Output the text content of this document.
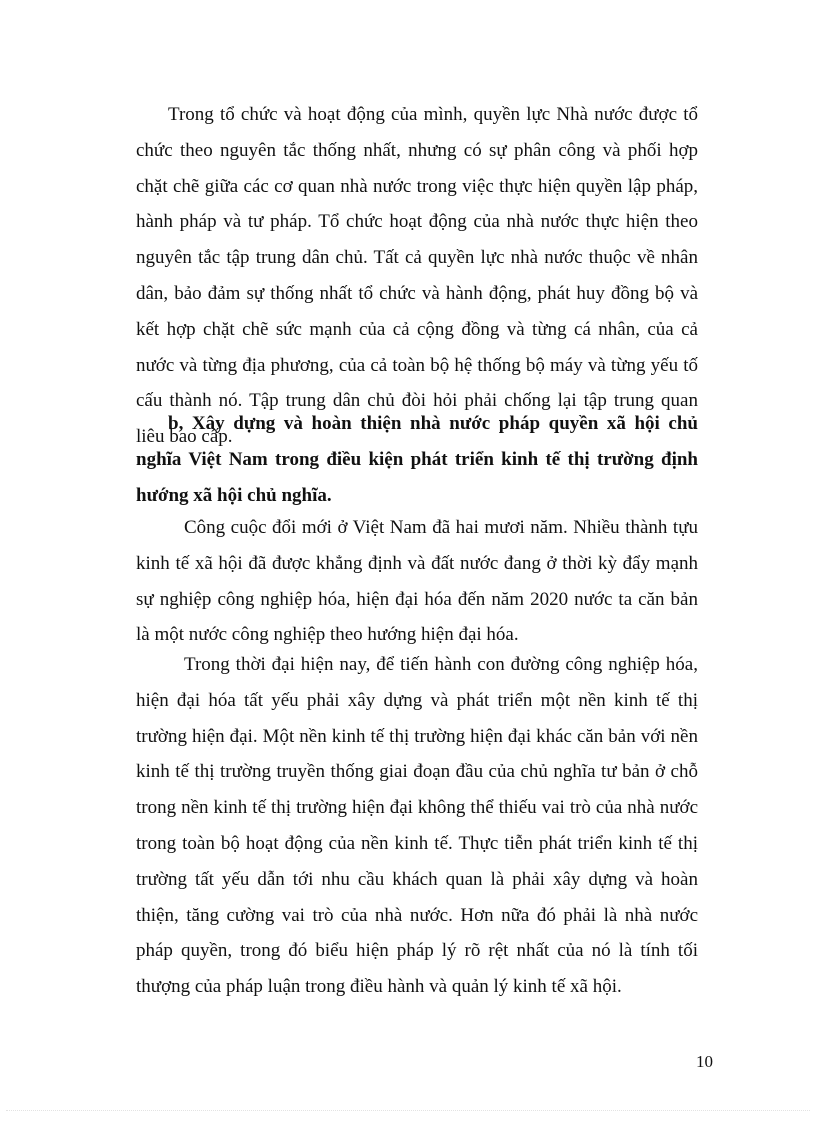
Trong tổ chức và hoạt động của mình, quyền lực Nhà nước được tổ chức theo nguyên tắc thống nhất, nhưng có sự phân công và phối hợp chặt chẽ giữa các cơ quan nhà nước trong việc thực hiện quyền lập pháp, hành pháp và tư pháp. Tổ chức hoạt động của nhà nước thực hiện theo nguyên tắc tập trung dân chủ. Tất cả quyền lực nhà nước thuộc về nhân dân, bảo đảm sự thống nhất tổ chức và hành động, phát huy đồng bộ và kết hợp chặt chẽ sức mạnh của cả cộng đồng và từng cá nhân, của cả nước và từng địa phương, của cả toàn bộ hệ thống bộ máy và từng yếu tố cấu thành nó. Tập trung dân chủ đòi hỏi phải chống lại tập trung quan liêu bao cấp.

b, Xây dựng và hoàn thiện nhà nước pháp quyền xã hội chủ nghĩa Việt Nam trong điều kiện phát triển kinh tế thị trường định hướng xã hội chủ nghĩa.

Công cuộc đổi mới ở Việt Nam đã hai mươi năm. Nhiều thành tựu kinh tế xã hội đã được khẳng định và đất nước đang ở thời kỳ đẩy mạnh sự nghiệp công nghiệp hóa, hiện đại hóa đến năm 2020 nước ta căn bản là một nước công nghiệp theo hướng hiện đại hóa.

Trong thời đại hiện nay, để tiến hành con đường công nghiệp hóa, hiện đại hóa tất yếu phải xây dựng và phát triển một nền kinh tế thị trường hiện đại. Một nền kinh tế thị trường hiện đại khác căn bản với nền kinh tế thị trường truyền thống giai đoạn đầu của chủ nghĩa tư bản ở chỗ trong nền kinh tế thị trường hiện đại không thể thiếu vai trò của nhà nước trong toàn bộ hoạt động của nền kinh tế. Thực tiễn phát triển kinh tế thị trường tất yếu dẫn tới nhu cầu khách quan là phải xây dựng và hoàn thiện, tăng cường vai trò của nhà nước. Hơn nữa đó phải là nhà nước pháp quyền, trong đó biểu hiện pháp lý rõ rệt nhất của nó là tính tối thượng của pháp luận trong điều hành và quản lý kinh tế xã hội.

10
